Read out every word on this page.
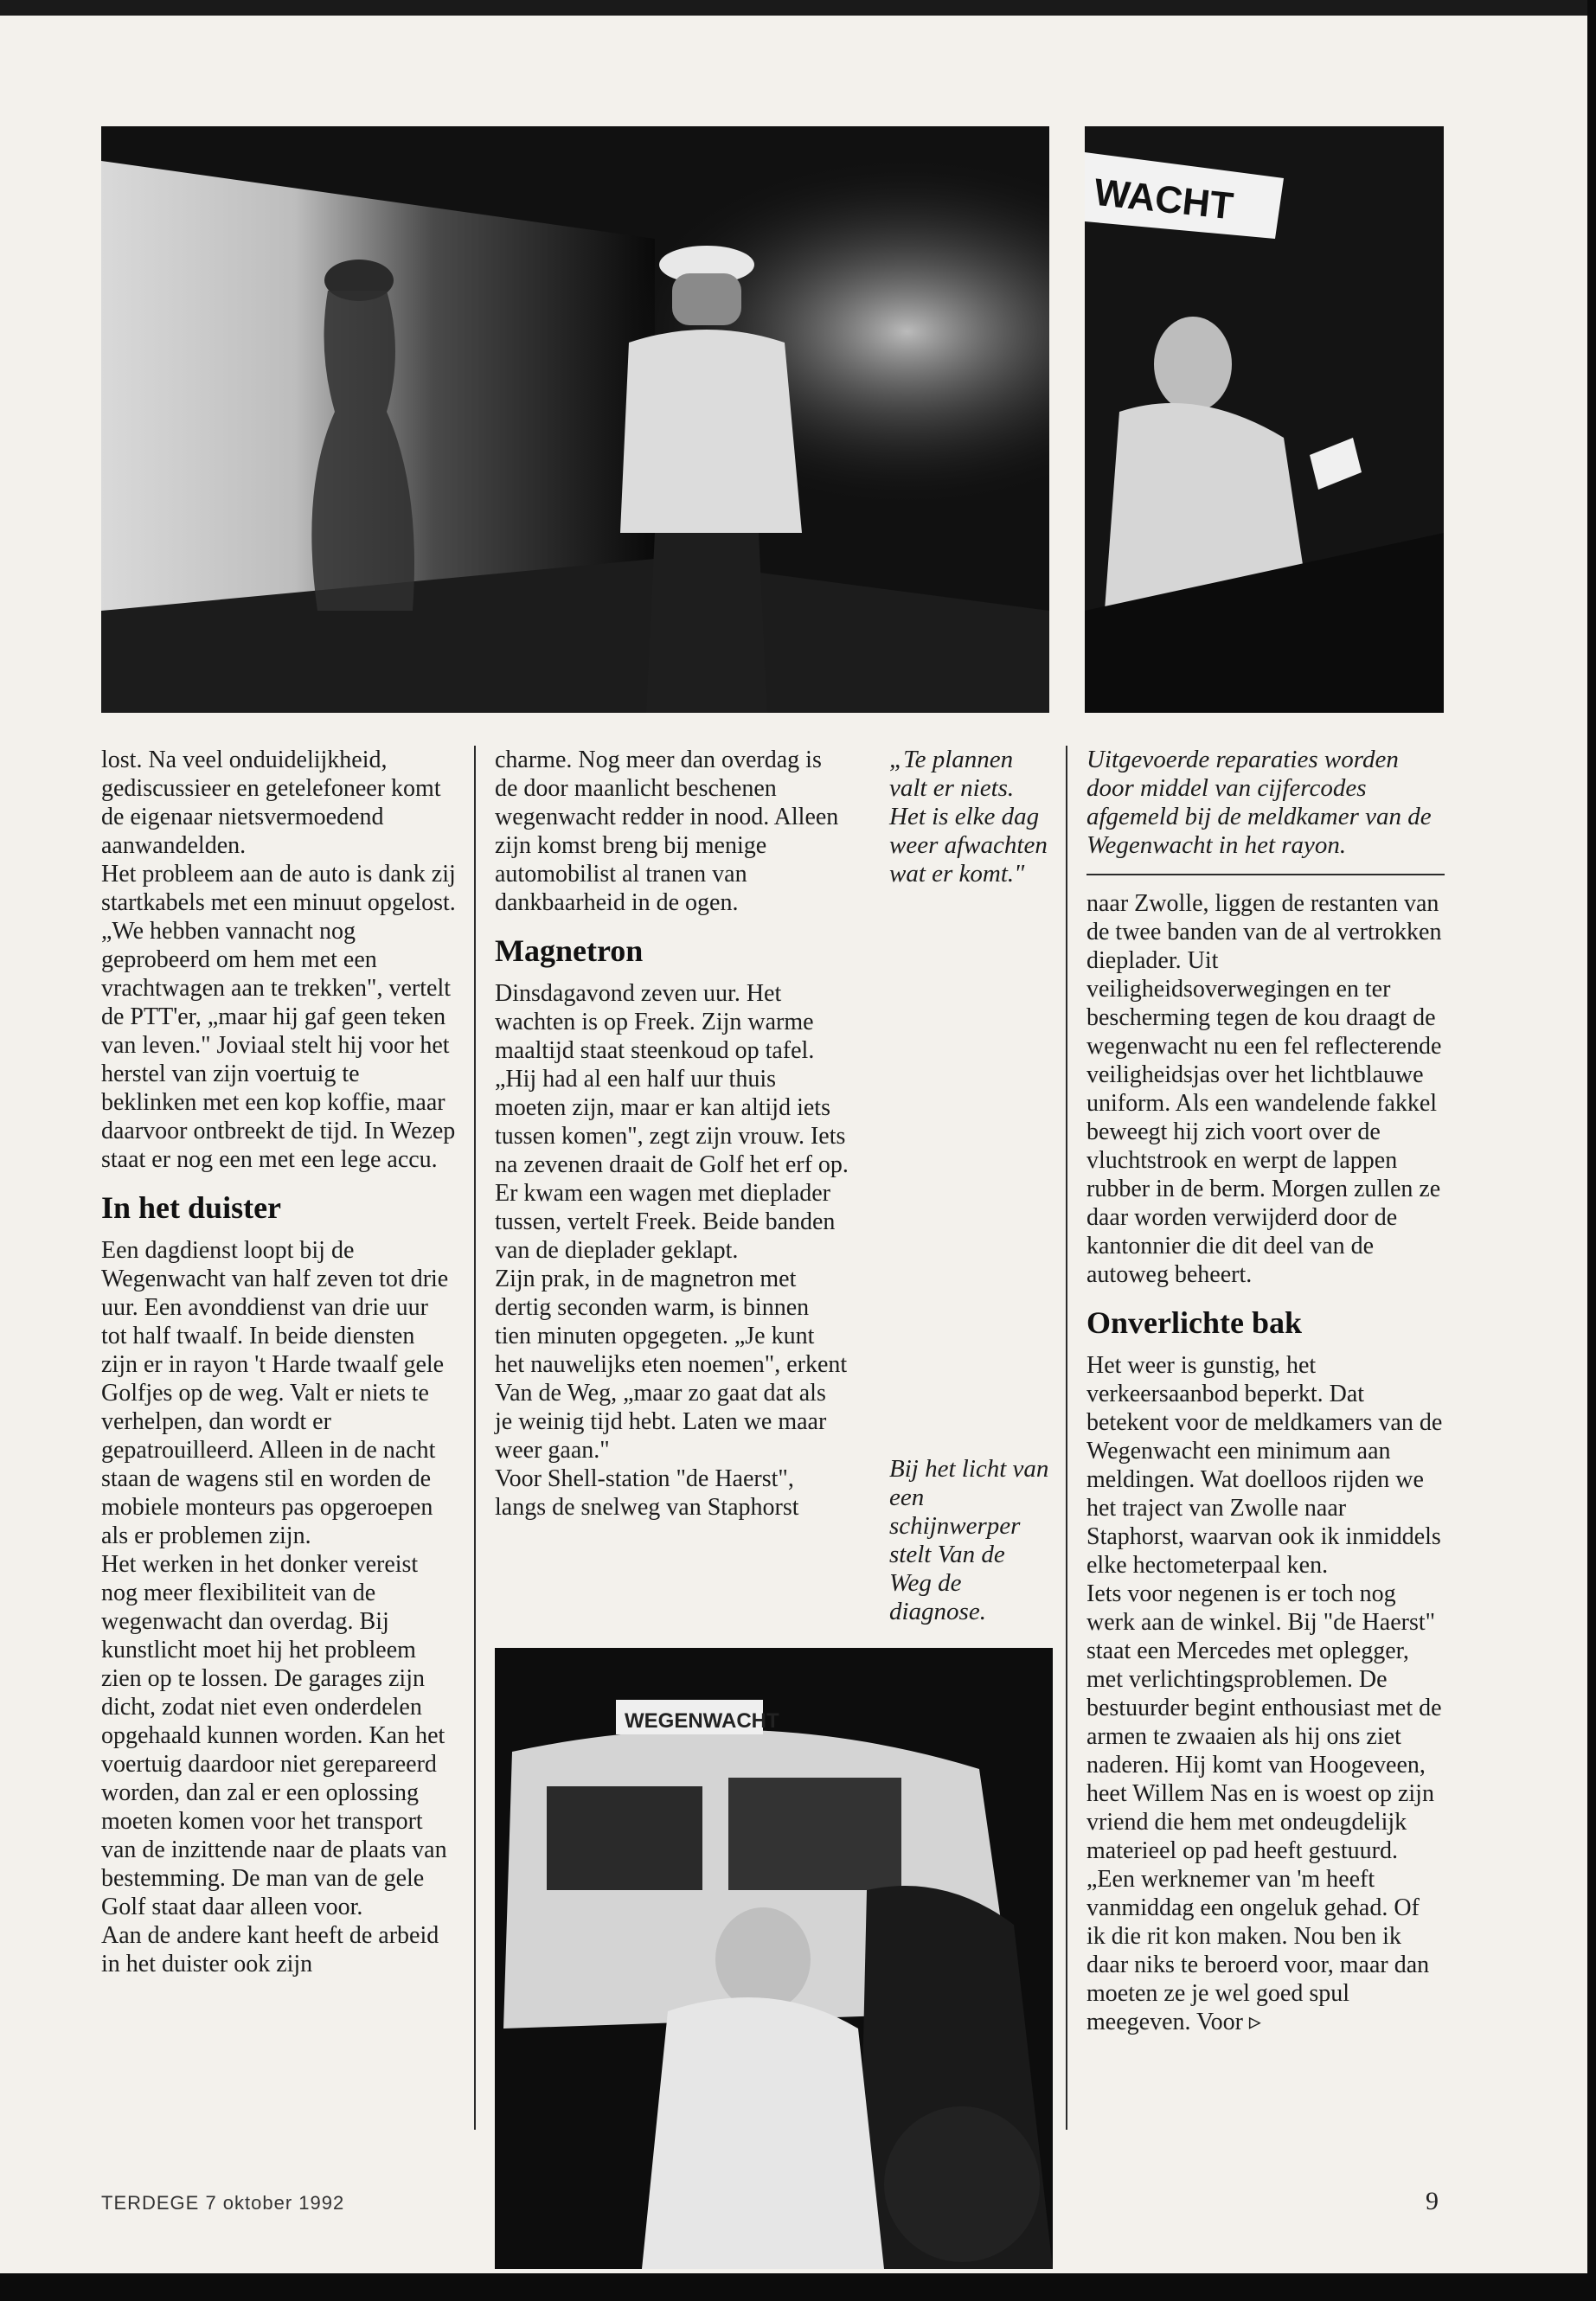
WACHT

lost. Na veel onduidelijkheid, gediscussieer en getelefoneer komt de eigenaar nietsvermoedend aanwandelden.

Het probleem aan de auto is dank zij startkabels met een minuut opgelost. „We hebben vannacht nog geprobeerd om hem met een vrachtwagen aan te trekken", vertelt de PTT'er, „maar hij gaf geen teken van leven." Joviaal stelt hij voor het herstel van zijn voertuig te beklinken met een kop koffie, maar daarvoor ontbreekt de tijd. In Wezep staat er nog een met een lege accu.

In het duister

Een dagdienst loopt bij de Wegenwacht van half zeven tot drie uur. Een avonddienst van drie uur tot half twaalf. In beide diensten zijn er in rayon 't Harde twaalf gele Golfjes op de weg. Valt er niets te verhelpen, dan wordt er gepatrouilleerd. Alleen in de nacht staan de wagens stil en worden de mobiele monteurs pas opgeroepen als er problemen zijn.

Het werken in het donker vereist nog meer flexibiliteit van de wegenwacht dan overdag. Bij kunstlicht moet hij het probleem zien op te lossen. De garages zijn dicht, zodat niet even onderdelen opgehaald kunnen worden. Kan het voertuig daardoor niet gerepareerd worden, dan zal er een oplossing moeten komen voor het transport van de inzittende naar de plaats van bestemming. De man van de gele Golf staat daar alleen voor.

Aan de andere kant heeft de arbeid in het duister ook zijn

charme. Nog meer dan overdag is de door maanlicht beschenen wegenwacht redder in nood. Alleen zijn komst breng bij menige automobilist al tranen van dankbaarheid in de ogen.

Magnetron

Dinsdagavond zeven uur. Het wachten is op Freek. Zijn warme maaltijd staat steenkoud op tafel. „Hij had al een half uur thuis moeten zijn, maar er kan altijd iets tussen komen", zegt zijn vrouw. Iets na zevenen draait de Golf het erf op. Er kwam een wagen met dieplader tussen, vertelt Freek. Beide banden van de dieplader geklapt.

Zijn prak, in de magnetron met dertig seconden warm, is binnen tien minuten opgegeten. „Je kunt het nauwelijks eten noemen", erkent Van de Weg, „maar zo gaat dat als je weinig tijd hebt. Laten we maar weer gaan."

Voor Shell-station "de Haerst", langs de snelweg van Staphorst

„Te plannen valt er niets. Het is elke dag weer afwachten wat er komt."
Bij het licht van een schijnwerper stelt Van de Weg de diagnose.
Uitgevoerde reparaties worden door middel van cijfercodes afgemeld bij de meldkamer van de Wegenwacht in het rayon.

naar Zwolle, liggen de restanten van de twee banden van de al vertrokken dieplader. Uit veiligheidsoverwegingen en ter bescherming tegen de kou draagt de wegenwacht nu een fel reflecterende veiligheidsjas over het lichtblauwe uniform. Als een wandelende fakkel beweegt hij zich voort over de vluchtstrook en werpt de lappen rubber in de berm. Morgen zullen ze daar worden verwijderd door de kantonnier die dit deel van de autoweg beheert.

Onverlichte bak

Het weer is gunstig, het verkeersaanbod beperkt. Dat betekent voor de meldkamers van de Wegenwacht een minimum aan meldingen. Wat doelloos rijden we het traject van Zwolle naar Staphorst, waarvan ook ik inmiddels elke hectometerpaal ken.

Iets voor negenen is er toch nog werk aan de winkel. Bij "de Haerst" staat een Mercedes met oplegger, met verlichtingsproblemen. De bestuurder begint enthousiast met de armen te zwaaien als hij ons ziet naderen. Hij komt van Hoogeveen, heet Willem Nas en is woest op zijn vriend die hem met ondeugdelijk materieel op pad heeft gestuurd. „Een werknemer van 'm heeft vanmiddag een ongeluk gehad. Of ik die rit kon maken. Nou ben ik daar niks te beroerd voor, maar dan moeten ze je wel goed spul meegeven. Voor ▹

WEGENWACHT
TERDEGE 7 oktober 1992	9
